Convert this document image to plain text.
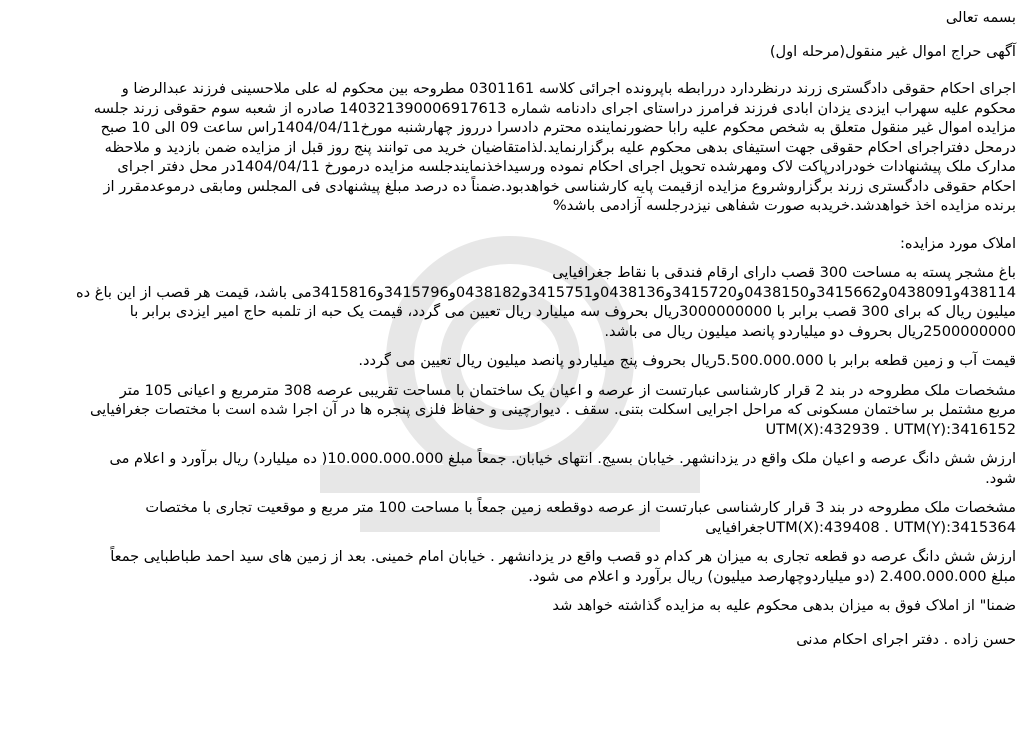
بسمه تعالی
آگهی حراج اموال غیر منقول(مرحله اول)
اجرای احکام حقوقی دادگستری زرند درنظردارد دررابطه باپرونده اجرائی کلاسه 0301161 مطروحه بین محکوم له علی ملاحسینی فرزند عبدالرضا و
محکوم علیه سهراب ایزدی یزدان ابادی فرزند فرامرز دراستای اجرای دادنامه شماره 140321390006917613 صادره از شعبه سوم حقوقی زرند جلسه
مزایده اموال غیر منقول متعلق به شخص محکوم علیه رابا حضورنماینده محترم دادسرا درروز چهارشنبه مورخ1404/04/11راس ساعت 09 الی 10 صبح
درمحل دفتراجرای احکام حقوقی جهت استیفای بدهی محکوم علیه برگزارنماید.لذامتقاضیان خرید می توانند پنج روز قبل از مزایده ضمن بازدید و ملاحظه
مدارک ملک پیشنهادات خودرادرپاکت لاک ومهرشده تحویل اجرای احکام نموده ورسیداخذنمایندجلسه مزایده درمورخ 1404/04/11در محل دفتر اجرای
احکام حقوقی دادگستری زرند برگزاروشروع مزایده ازقیمت پایه کارشناسی خواهدبود.ضمناً ده درصد مبلغ پیشنهادی فی المجلس ومابقی درموعدمقرر از
برنده مزایده اخذ خواهدشد.خریدبه صورت شفاهی نیزدرجلسه آزادمی باشد%
املاک مورد مزایده:
باغ مشجر پسته به مساحت 300 قصب دارای ارقام فندقی با نقاط جغرافیایی
438114و0438091و3415662و0438150و3415720و0438136و3415751و0438182و3415796و3415816می باشد، قیمت هر قصب از این باغ ده
میلیون ریال که برای 300 قصب برابر با 3000000000ریال بحروف سه میلیارد ریال تعیین می گردد، قیمت یک حبه از تلمبه حاج امیر ایزدی برابر با
2500000000ریال بحروف دو میلیاردو پانصد میلیون ریال می باشد.
قیمت آب و زمین قطعه برابر با 5.500.000.000ریال بحروف پنج میلیاردو پانصد میلیون ریال تعیین می گردد.
مشخصات ملک مطروحه در بند 2 قرار کارشناسی عبارتست از عرصه و اعیان یک ساختمان با مساحت تقریبی عرصه 308 مترمربع و اعیانی 105 متر
مربع مشتمل بر ساختمان مسکونی که مراحل اجرایی اسکلت بتنی. سقف . دیوارچینی و حفاظ فلزی پنجره ها در آن اجرا شده است با مختصات جغرافیایی
UTM(X):432939 . UTM(Y):3416152
ارزش شش دانگ عرصه و اعیان ملک واقع در یزدانشهر. خیابان بسیج. انتهای خیابان. جمعاً مبلغ 10.000.000.000( ده میلیارد) ریال برآورد و اعلام می
شود.
مشخصات ملک مطروحه در بند 3 قرار کارشناسی عبارتست از عرصه دوقطعه زمین جمعاً با مساحت 100 متر مربع و موقعیت تجاری با مختصات
UTM(X):439408 . UTM(Y):3415364جغرافیایی
ارزش شش دانگ عرصه دو قطعه تجاری به میزان هر کدام دو قصب واقع در یزدانشهر . خیابان امام خمینی. بعد از زمین های سید احمد طباطبایی جمعاً
مبلغ 2.400.000.000 (دو میلیاردوچهارصد میلیون) ریال برآورد و اعلام می شود.
ضمنا" از املاک فوق به میزان بدهی محکوم علیه به مزایده گذاشته خواهد شد
حسن زاده . دفتر اجرای احکام مدنی
